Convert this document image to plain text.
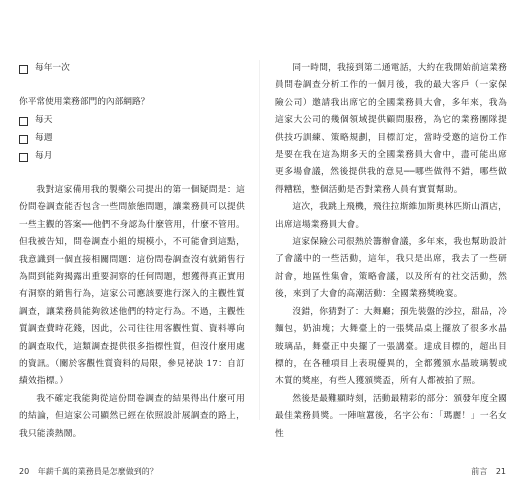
每年一次
你平常使用業務部門的內部網路？
每天
每週
每月

我對這家備用我的製藥公司提出的第一個疑問是：這份問卷調查能否包含一些問旅態問題，讓業務員可以提供一些主觀的答案──他們不身認為什麼管用，什麼不管用。但我被告知，問卷調查小組的規模小，不可能會到這點，我意識到一個直接相關問題：這份問卷調查沒有就銷售行為問到能夠揭露出重要洞察的任何問題，想獲得真正實用有洞察的銷售行為，這家公司應該要進行深入的主觀性質調查，讓業務員能夠敘述他們的特定行為。不過，主觀性質調查費時花錢，因此，公司往往用客觀性質、資料導向的調查取代，這類調查提供很多指標性質，但沒什麼用處的資訊。（關於客觀性質資料的局限，參見祕訣 17：自訂績效指標。）

我不確定我能夠從這份問卷調查的結果得出什麼可用的結論，但這家公司顯然已經在依照設計展調查的路上，我只能湊熱鬧。

20 年薪千萬的業務員是怎麼做到的？

同一時間，我接到第二通電話，大約在我開始前這業務員問卷調查分析工作的一個月後，我的最大客戶（一家保險公司）邀請我出席它的全國業務員大會，多年來，我為這家大公司的幾個領域提供顧問服務，為它的業務團隊提供技巧訓練、策略規劃，目標訂定，當時受邀的這份工作是要在我在這為期多天的全國業務員大會中，盡可能出席更多場會議，然後提供我的意見──哪些做得不錯，哪些做得糟糕，整個活動是否對業務人員有實質幫助。

這次，我跳上飛機，飛往拉斯維加斯奧林匹斯山酒店，出席這場業務員大會。

這家保險公司很熱於籌辦會議，多年來，我也幫助設計了會議中的一些活動，這年，我只是出席，我去了一些研討會，地區性集會，策略會議，以及所有的社交活動，然後，來到了大會的高潮活動：全國業務獎晚宴。

沒錯，你猜對了：大舞廳；預先裝盤的沙拉，甜品，冷麵包，奶油塊；大舞臺上的一張獎品桌上擺放了很多水晶玻璃品，舞臺正中央擺了一張講臺。達成目標的，超出目標的，在各種項目上表現優異的，全都獲頒水晶玻璃製或木質的獎座，有些人獲頒獎盃，所有人都被拍了照。

然後是最難顯時刻，活動最精彩的部分：頒發年度全國最佳業務員獎。一陣喧囂後，名字公布：「瑪麗！」一名女性

前言 21
